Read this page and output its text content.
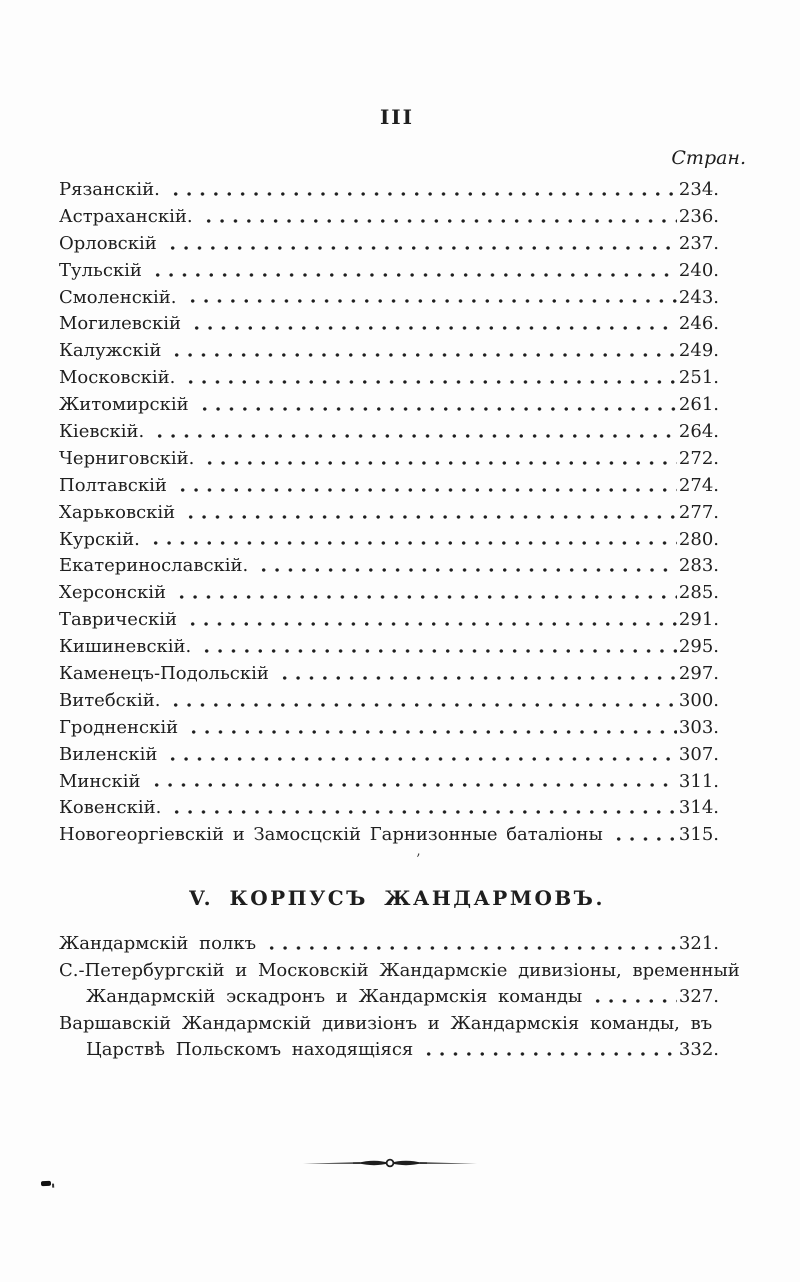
III
Стран.
Рязанскій.	234.
Астраханскій.	236.
Орловскій	237.
Тульскій	240.
Смоленскій.	243.
Могилевскій	246.
Калужскій	249.
Московскій.	251.
Житомирскій	261.
Кіевскій.	264.
Черниговскій.	272.
Полтавскій	274.
Харьковскій	277.
Курскій.	280.
Екатеринославскій.	283.
Херсонскій	285.
Таврическій	291.
Кишиневскій.	295.
Каменецъ-Подольскій	297.
Витебскій.	300.
Гродненскій	303.
Виленскій	307.
Минскій	311.
Ковенскій.	314.
Новогеоргіевскій и Замосцскій Гарнизонные баталіоны	315.
V. КОРПУСЪ ЖАНДАРМОВЪ.
Жандармскій полкъ	321.
С.-Петербургскій и Московскій Жандармскіе дивизіоны, временный
Жандармскій эскадронъ и Жандармскія команды	327.
Варшавскій Жандармскій дивизіонъ и Жандармскія команды, въ
Царствѣ Польскомъ находящіяся	332.
’
